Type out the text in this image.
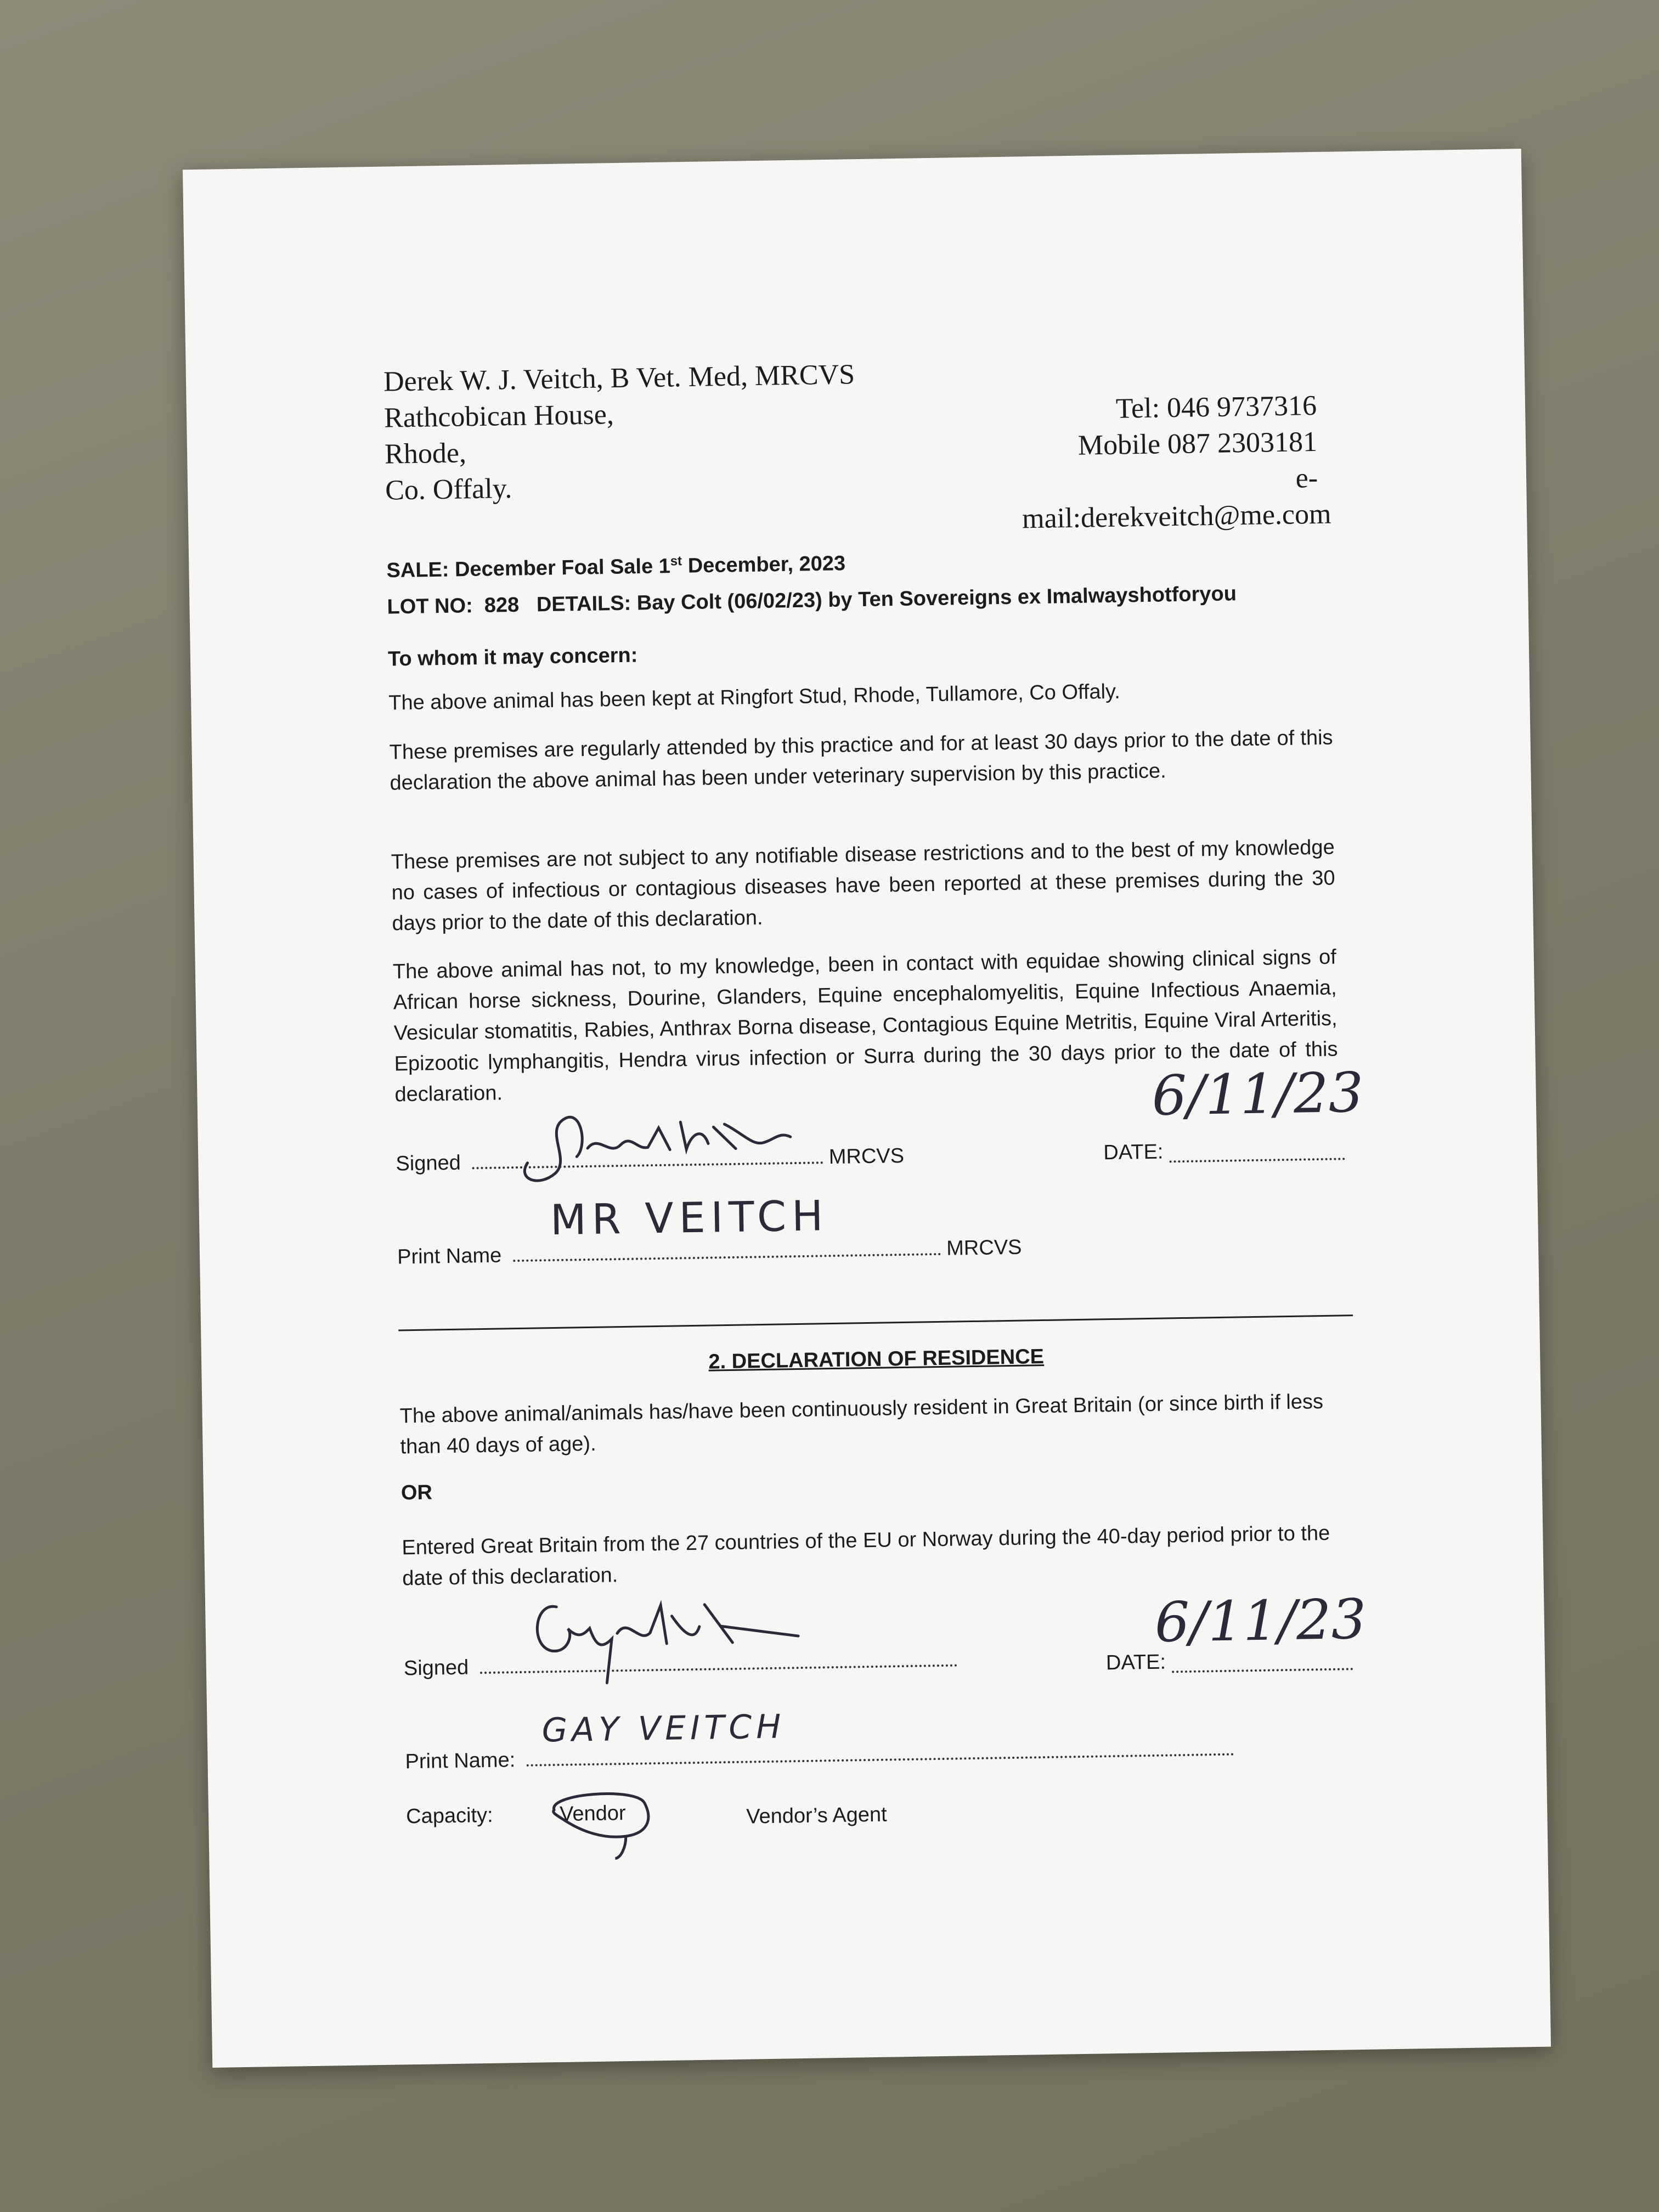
Derek W. J. Veitch, B Vet. Med, MRCVS
Rathcobican House,
Rhode,
Co. Offaly.
Tel: 046 9737316
Mobile 087 2303181
e-mail:derekveitch@me.com
SALE: December Foal Sale 1st December, 2023
LOT NO:  828   DETAILS: Bay Colt (06/02/23) by Ten Sovereigns ex Imalwayshotforyou
To whom it may concern:
The above animal has been kept at Ringfort Stud, Rhode, Tullamore, Co Offaly.
These premises are regularly attended by this practice and for at least 30 days prior to the date of this declaration the above animal has been under veterinary supervision by this practice.
These premises are not subject to any notifiable disease restrictions and to the best of my knowledge no cases of infectious or contagious diseases have been reported at these premises during the 30 days prior to the date of this declaration.
The above animal has not, to my knowledge, been in contact with equidae showing clinical signs of African horse sickness, Dourine, Glanders, Equine encephalomyelitis, Equine Infectious Anaemia, Vesicular stomatitis, Rabies, Anthrax Borna disease, Contagious Equine Metritis, Equine Viral Arteritis, Epizootic lymphangitis, Hendra virus infection or Surra during the 30 days prior to the date of this declaration.
Signed	MRCVS	DATE:
6/11/23
Print Name	MRCVS
MR VEITCH
2. DECLARATION OF RESIDENCE
The above animal/animals has/have been continuously resident in Great Britain (or since birth if less than 40 days of age).
OR
Entered Great Britain from the 27 countries of the EU or Norway during the 40-day period prior to the date of this declaration.
Signed	DATE:
6/11/23
Print Name:
GAY VEITCH
Capacity:	Vendor	Vendor’s Agent
